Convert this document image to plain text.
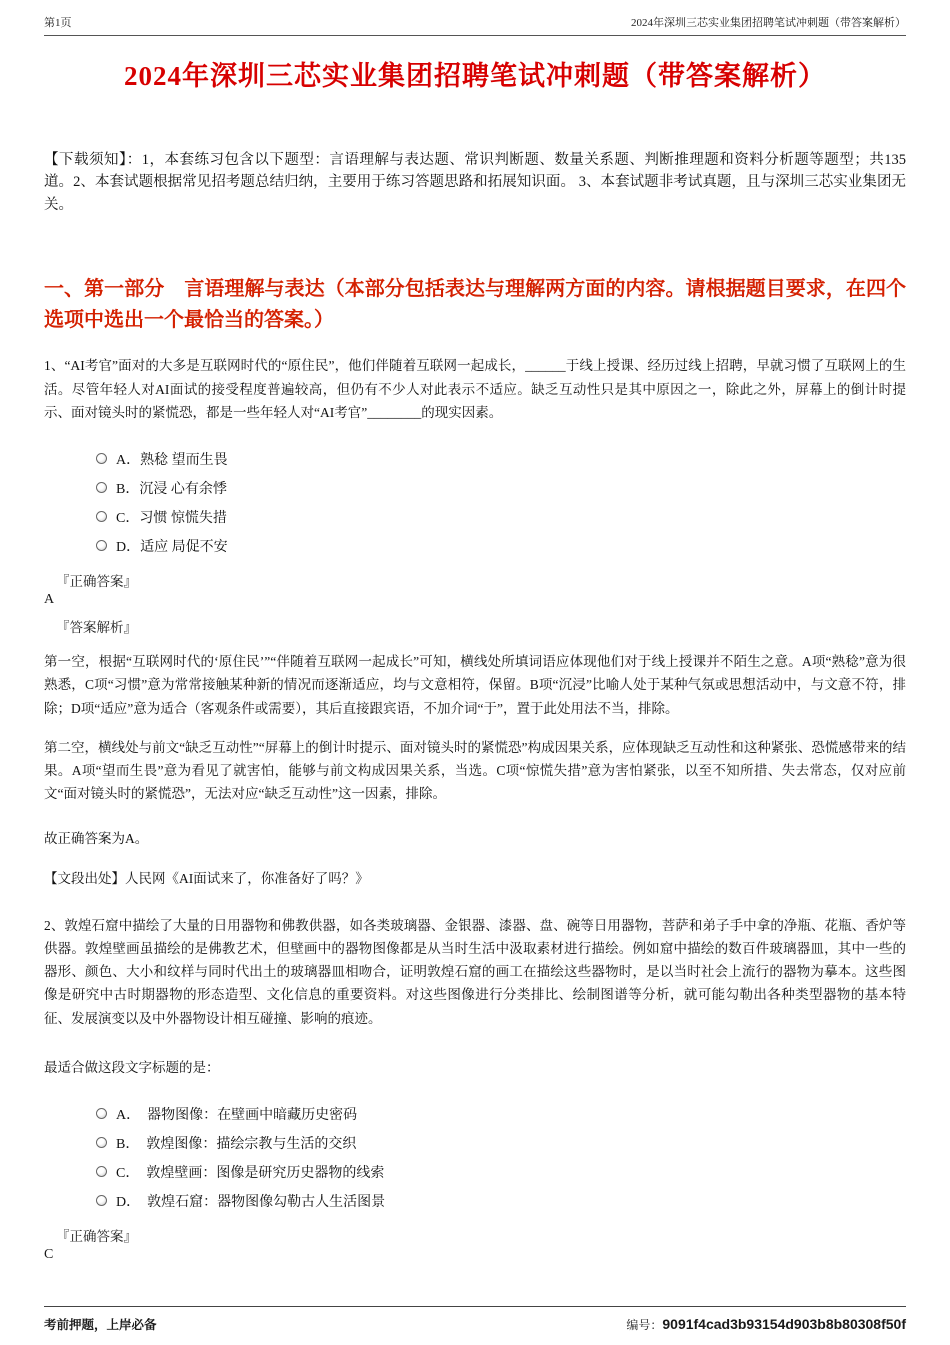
第1页	2024年深圳三芯实业集团招聘笔试冲刺题（带答案解析）
2024年深圳三芯实业集团招聘笔试冲刺题（带答案解析）

【下载须知】：1，本套练习包含以下题型：言语理解与表达题、常识判断题、数量关系题、判断推理题和资料分析题等题型；共135道。2、本套试题根据常见招考题总结归纳，主要用于练习答题思路和拓展知识面。 3、本套试题非考试真题，且与深圳三芯实业集团无关。

一、第一部分　言语理解与表达（本部分包括表达与理解两方面的内容。请根据题目要求，在四个选项中选出一个最恰当的答案。）

1、“AI考官”面对的大多是互联网时代的“原住民”，他们伴随着互联网一起成长，______于线上授课、经历过线上招聘，早就习惯了互联网上的生活。尽管年轻人对AI面试的接受程度普遍较高，但仍有不少人对此表示不适应。缺乏互动性只是其中原因之一，除此之外，屏幕上的倒计时提示、面对镜头时的紧慌恐，都是一些年轻人对“AI考官”________的现实因素。

A．熟稔 望而生畏
B．沉浸 心有余悸
C．习惯 惊慌失措
D．适应 局促不安
『正确答案』
A
『答案解析』

第一空，根据“互联网时代的‘原住民’”“伴随着互联网一起成长”可知，横线处所填词语应体现他们对于线上授课并不陌生之意。A项“熟稔”意为很熟悉，C项“习惯”意为常常接触某种新的情况而逐渐适应，均与文意相符，保留。B项“沉浸”比喻人处于某种气氛或思想活动中，与文意不符，排除；D项“适应”意为适合（客观条件或需要），其后直接跟宾语，不加介词“于”，置于此处用法不当，排除。

第二空，横线处与前文“缺乏互动性”“屏幕上的倒计时提示、面对镜头时的紧慌恐”构成因果关系，应体现缺乏互动性和这种紧张、恐慌感带来的结果。A项“望而生畏”意为看见了就害怕，能够与前文构成因果关系，当选。C项“惊慌失措”意为害怕紧张，以至不知所措、失去常态，仅对应前文“面对镜头时的紧慌恐”，无法对应“缺乏互动性”这一因素，排除。

故正确答案为A。

【文段出处】人民网《AI面试来了，你准备好了吗？》

2、敦煌石窟中描绘了大量的日用器物和佛教供器，如各类玻璃器、金银器、漆器、盘、碗等日用器物，菩萨和弟子手中拿的净瓶、花瓶、香炉等供器。敦煌壁画虽描绘的是佛教艺术，但壁画中的器物图像都是从当时生活中汲取素材进行描绘。例如窟中描绘的数百件玻璃器皿，其中一些的器形、颜色、大小和纹样与同时代出土的玻璃器皿相吻合，证明敦煌石窟的画工在描绘这些器物时，是以当时社会上流行的器物为摹本。这些图像是研究中古时期器物的形态造型、文化信息的重要资料。对这些图像进行分类排比、绘制图谱等分析，就可能勾勒出各种类型器物的基本特征、发展演变以及中外器物设计相互碰撞、影响的痕迹。

最适合做这段文字标题的是：

A．　器物图像：在壁画中暗藏历史密码
B．　敦煌图像：描绘宗教与生活的交织
C．　敦煌壁画：图像是研究历史器物的线索
D．　敦煌石窟：器物图像勾勒古人生活图景
『正确答案』
C
考前押题，上岸必备	编号：9091f4cad3b93154d903b8b80308f50f
